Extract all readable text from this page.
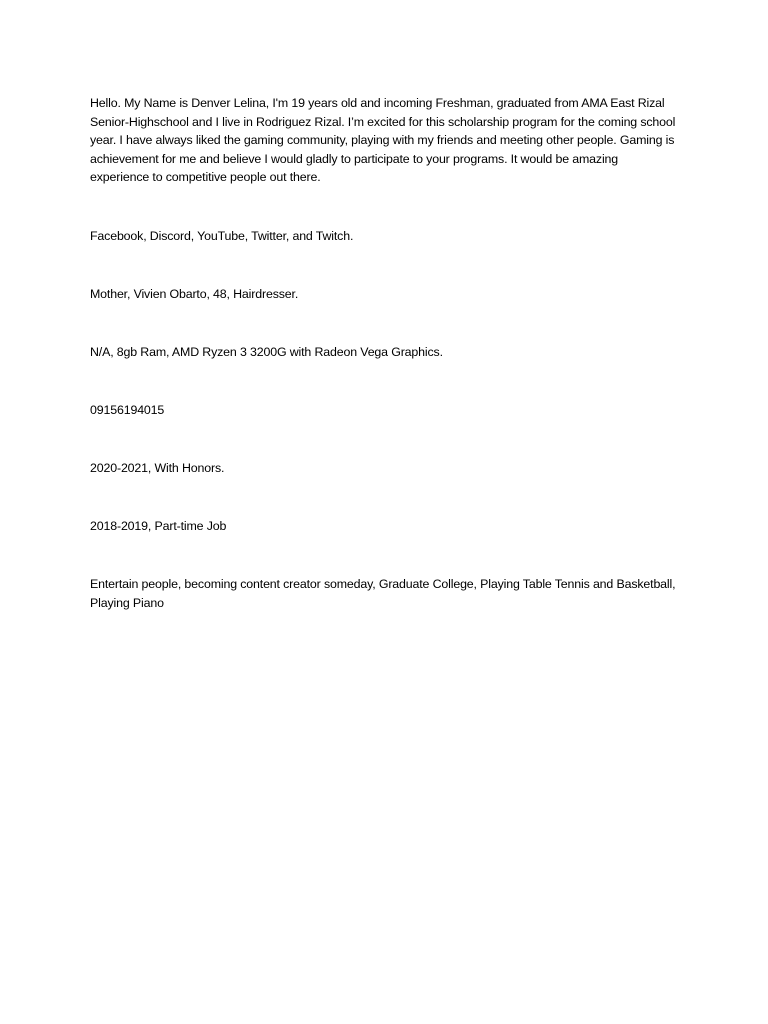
Hello. My Name is Denver Lelina, I'm 19 years old and incoming Freshman, graduated from AMA East Rizal Senior-Highschool and I live in Rodriguez Rizal. I’m excited for this scholarship program for the coming school year. I have always liked the gaming community, playing with my friends and meeting other people. Gaming is achievement for me and believe I would gladly to participate to your programs. It would be amazing experience to competitive people out there.

Facebook, Discord, YouTube, Twitter, and Twitch.

Mother, Vivien Obarto, 48, Hairdresser.

N/A, 8gb Ram, AMD Ryzen 3 3200G with Radeon Vega Graphics.

09156194015

2020-2021, With Honors.

2018-2019, Part-time Job

Entertain people, becoming content creator someday, Graduate College, Playing Table Tennis and Basketball, Playing Piano
